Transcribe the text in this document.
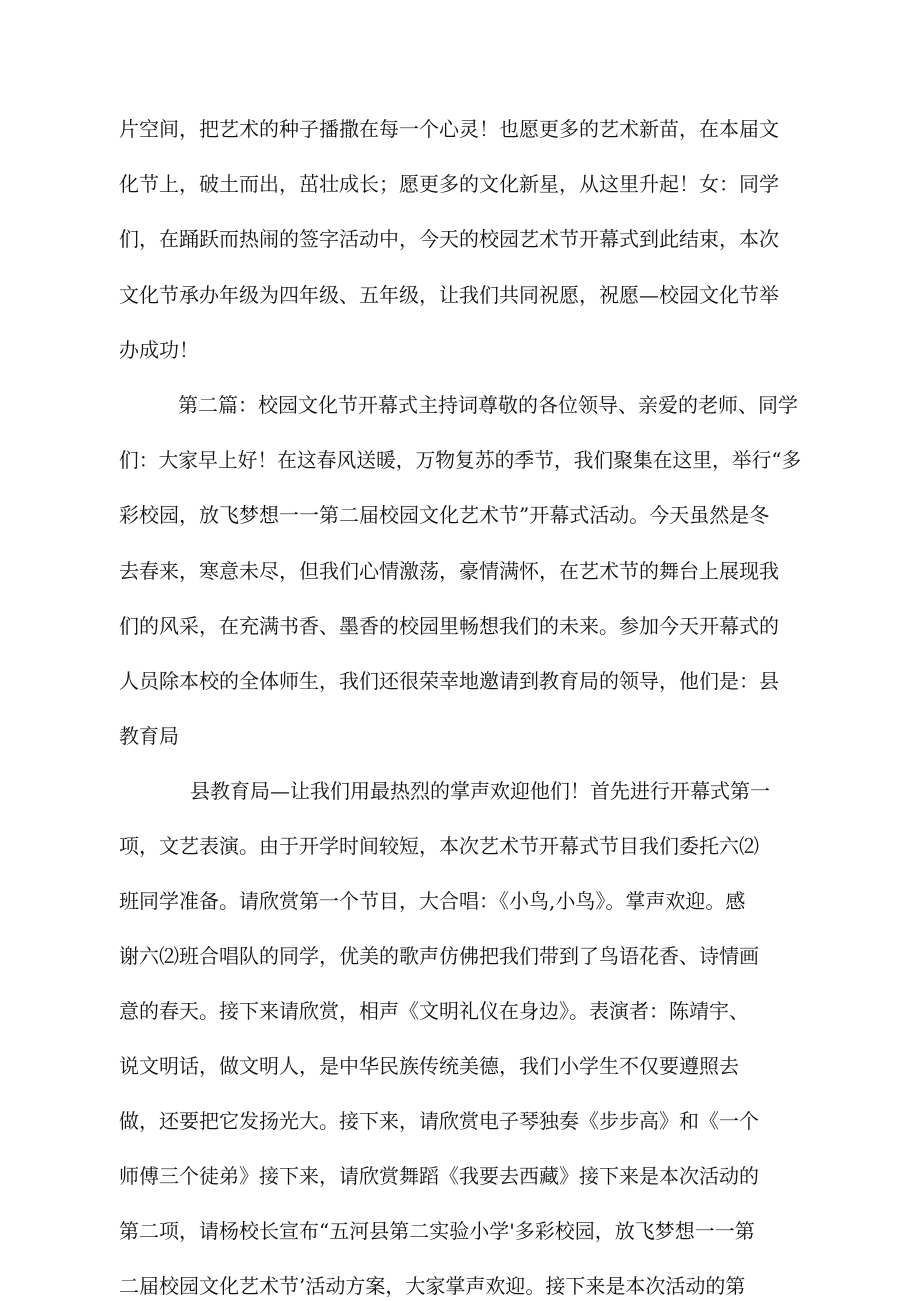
片空间，把艺术的种子播撒在每一个心灵！也愿更多的艺术新苗，在本届文
化节上，破土而出，茁壮成长；愿更多的文化新星，从这里升起！女：同学
们，在踊跃而热闹的签字活动中，今天的校园艺术节开幕式到此结束，本次
文化节承办年级为四年级、五年级，让我们共同祝愿，祝愿—校园文化节举
办成功！
第二篇：校园文化节开幕式主持词尊敬的各位领导、亲爱的老师、同学
们：大家早上好！在这春风送暖，万物复苏的季节，我们聚集在这里，举行“多
彩校园，放飞梦想一一第二届校园文化艺术节”开幕式活动。今天虽然是冬
去春来，寒意未尽，但我们心情激荡，豪情满怀，在艺术节的舞台上展现我
们的风采，在充满书香、墨香的校园里畅想我们的未来。参加今天开幕式的
人员除本校的全体师生，我们还很荣幸地邀请到教育局的领导，他们是：县
教育局
县教育局—让我们用最热烈的掌声欢迎他们！首先进行开幕式第一
项，文艺表演。由于开学时间较短，本次艺术节开幕式节目我们委托六⑵
班同学准备。请欣赏第一个节目，大合唱：《小鸟,小鸟》。掌声欢迎。感
谢六⑵班合唱队的同学，优美的歌声仿佛把我们带到了鸟语花香、诗情画
意的春天。接下来请欣赏，相声《文明礼仪在身边》。表演者：陈靖宇、
说文明话，做文明人，是中华民族传统美德，我们小学生不仅要遵照去
做，还要把它发扬光大。接下来，请欣赏电子琴独奏《步步高》和《一个
师傅三个徒弟》接下来，请欣赏舞蹈《我要去西藏》接下来是本次活动的
第二项，请杨校长宣布“五河县第二实验小学'多彩校园，放飞梦想一一第
二届校园文化艺术节’活动方案，大家掌声欢迎。接下来是本次活动的第
